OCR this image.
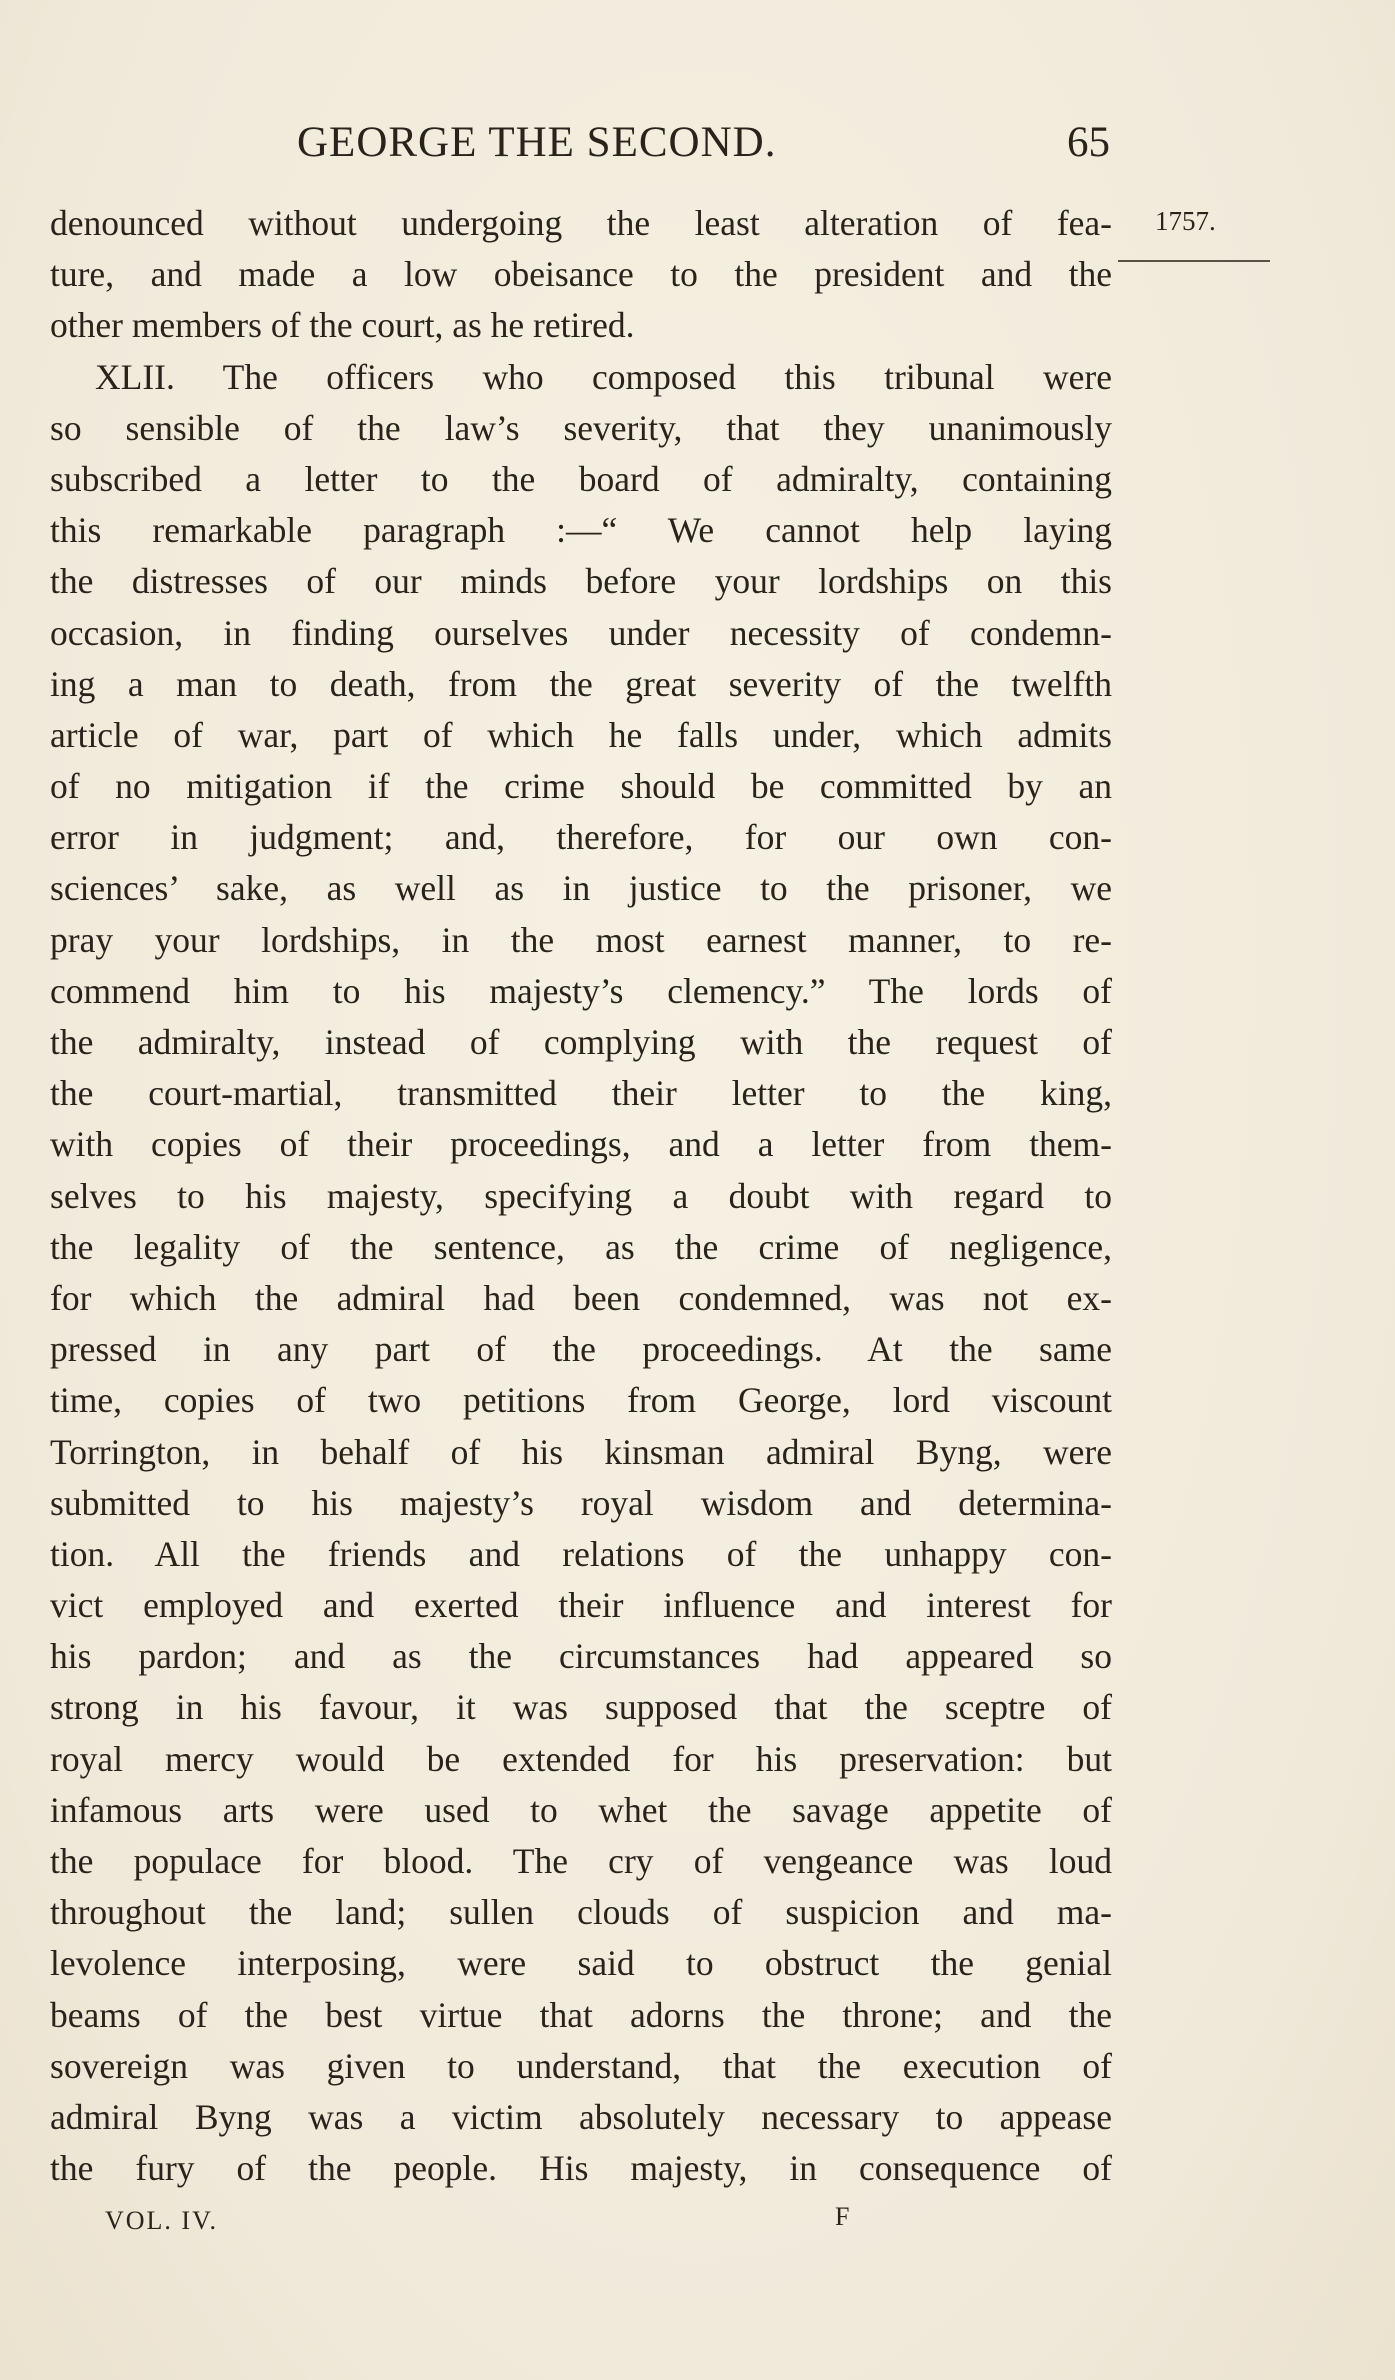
GEORGE THE SECOND.	65
1757.
denounced without undergoing the least alteration of fea-
ture, and made a low obeisance to the president and the
other members of the court, as he retired.
XLII. The officers who composed this tribunal were
so sensible of the law’s severity, that they unanimously
subscribed a letter to the board of admiralty, containing
this remarkable paragraph :—“ We cannot help laying
the distresses of our minds before your lordships on this
occasion, in finding ourselves under necessity of condemn-
ing a man to death, from the great severity of the twelfth
article of war, part of which he falls under, which admits
of no mitigation if the crime should be committed by an
error in judgment; and, therefore, for our own con-
sciences’ sake, as well as in justice to the prisoner, we
pray your lordships, in the most earnest manner, to re-
commend him to his majesty’s clemency.” The lords of
the admiralty, instead of complying with the request of
the court-martial, transmitted their letter to the king,
with copies of their proceedings, and a letter from them-
selves to his majesty, specifying a doubt with regard to
the legality of the sentence, as the crime of negligence,
for which the admiral had been condemned, was not ex-
pressed in any part of the proceedings. At the same
time, copies of two petitions from George, lord viscount
Torrington, in behalf of his kinsman admiral Byng, were
submitted to his majesty’s royal wisdom and determina-
tion. All the friends and relations of the unhappy con-
vict employed and exerted their influence and interest for
his pardon; and as the circumstances had appeared so
strong in his favour, it was supposed that the sceptre of
royal mercy would be extended for his preservation: but
infamous arts were used to whet the savage appetite of
the populace for blood. The cry of vengeance was loud
throughout the land; sullen clouds of suspicion and ma-
levolence interposing, were said to obstruct the genial
beams of the best virtue that adorns the throne; and the
sovereign was given to understand, that the execution of
admiral Byng was a victim absolutely necessary to appease
the fury of the people. His majesty, in consequence of
VOL. IV.	F
